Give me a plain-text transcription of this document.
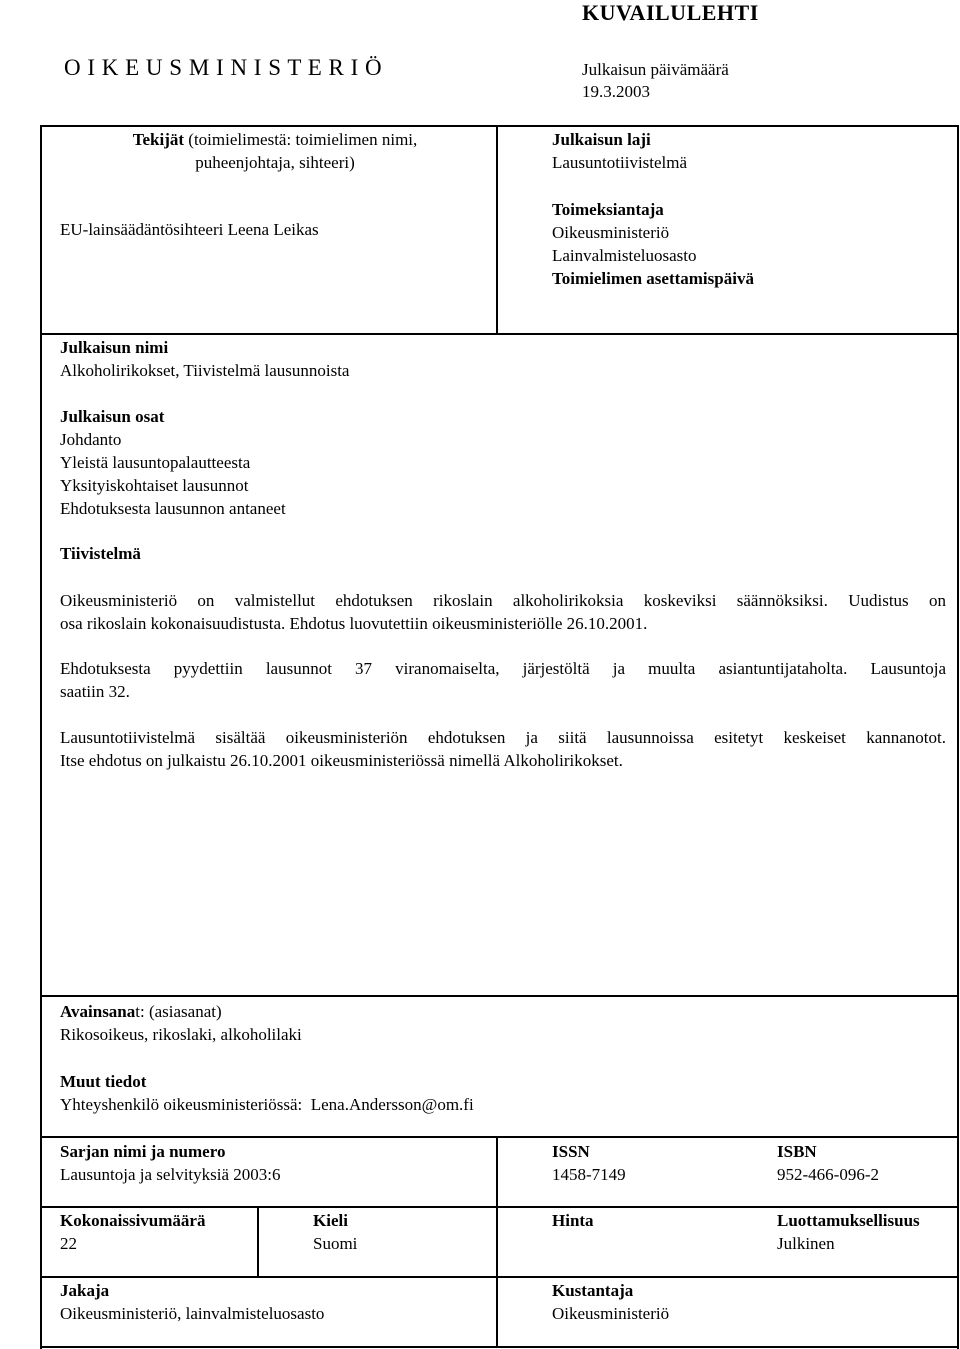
O I K E U S M I N I S T E R I Ö
KUVAILULEHTI
Julkaisun päivämäärä
19.3.2003
Tekijät (toimielimestä: toimielimen nimi,
puheenjohtaja, sihteeri)
EU-lainsäädäntösihteeri Leena Leikas
Julkaisun laji
Lausuntotiivistelmä
Toimeksiantaja
Oikeusministeriö
Lainvalmisteluosasto
Toimielimen asettamispäivä
Julkaisun nimi
Alkoholirikokset, Tiivistelmä lausunnoista
Julkaisun osat
Johdanto
Yleistä lausuntopalautteesta
Yksityiskohtaiset lausunnot
Ehdotuksesta lausunnon antaneet
Tiivistelmä
Oikeusministeriö on valmistellut ehdotuksen rikoslain alkoholirikoksia koskeviksi säännöksiksi. Uudistus on
osa rikoslain kokonaisuudistusta. Ehdotus luovutettiin oikeusministeriölle 26.10.2001.
Ehdotuksesta pyydettiin lausunnot 37 viranomaiselta, järjestöltä ja muulta asiantuntijataholta. Lausuntoja
saatiin 32.
Lausuntotiivistelmä sisältää oikeusministeriön ehdotuksen ja siitä lausunnoissa esitetyt keskeiset kannanotot.
Itse ehdotus on julkaistu 26.10.2001 oikeusministeriössä nimellä Alkoholirikokset.
Avainsanat: (asiasanat)
Rikosoikeus, rikoslaki, alkoholilaki
Muut tiedot
Yhteyshenkilö oikeusministeriössä:  Lena.Andersson@om.fi
Sarjan nimi ja numero
Lausuntoja ja selvityksiä 2003:6
ISSN
1458-7149
ISBN
952-466-096-2
Kokonaissivumäärä
22
Kieli
Suomi
Hinta	Luottamuksellisuus
Julkinen
Jakaja
Oikeusministeriö, lainvalmisteluosasto
Kustantaja
Oikeusministeriö
